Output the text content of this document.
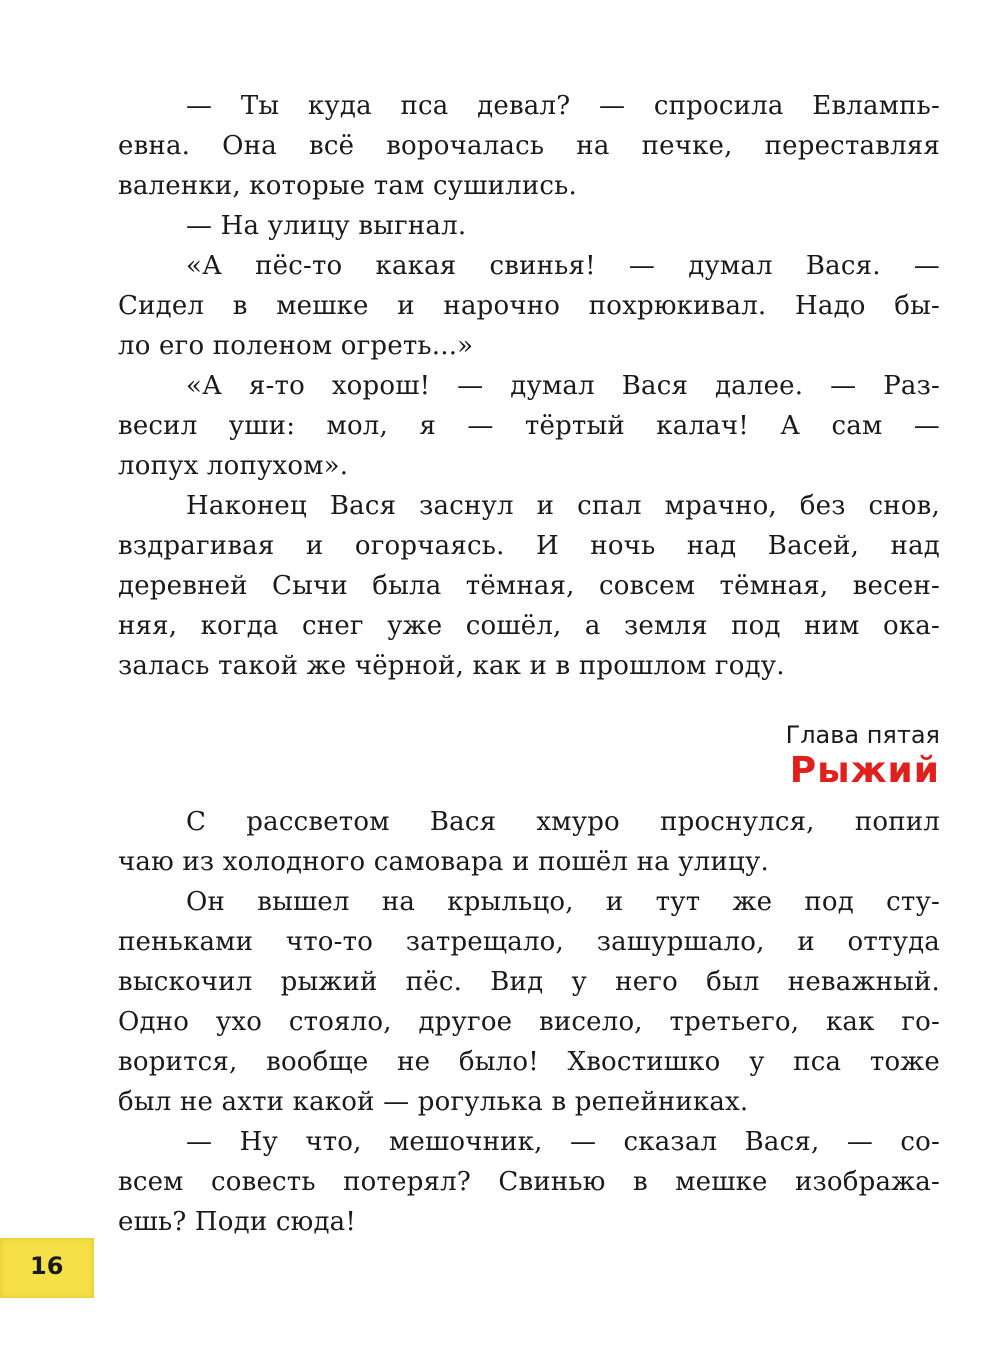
— Ты куда пса девал? — спросила Евлампь-
евна. Она всё ворочалась на печке, переставляя
валенки, которые там сушились.
— На улицу выгнал.
«А пёс-то какая свинья! — думал Вася. —
Сидел в мешке и нарочно похрюкивал. Надо бы-
ло его поленом огреть...»
«А я-то хорош! — думал Вася далее. — Раз-
весил уши: мол, я — тёртый калач! А сам —
лопух лопухом».
Наконец Вася заснул и спал мрачно, без снов,
вздрагивая и огорчаясь. И ночь над Васей, над
деревней Сычи была тёмная, совсем тёмная, весен-
няя, когда снег уже сошёл, а земля под ним ока-
залась такой же чёрной, как и в прошлом году.
Глава пятая
Рыжий
С рассветом Вася хмуро проснулся, попил
чаю из холодного самовара и пошёл на улицу.
Он вышел на крыльцо, и тут же под сту-
пеньками что-то затрещало, зашуршало, и оттуда
выскочил рыжий пёс. Вид у него был неважный.
Одно ухо стояло, другое висело, третьего, как го-
ворится, вообще не было! Хвостишко у пса тоже
был не ахти какой — рогулька в репейниках.
— Ну что, мешочник, — сказал Вася, — со-
всем совесть потерял? Свинью в мешке изобража-
ешь? Поди сюда!
16
